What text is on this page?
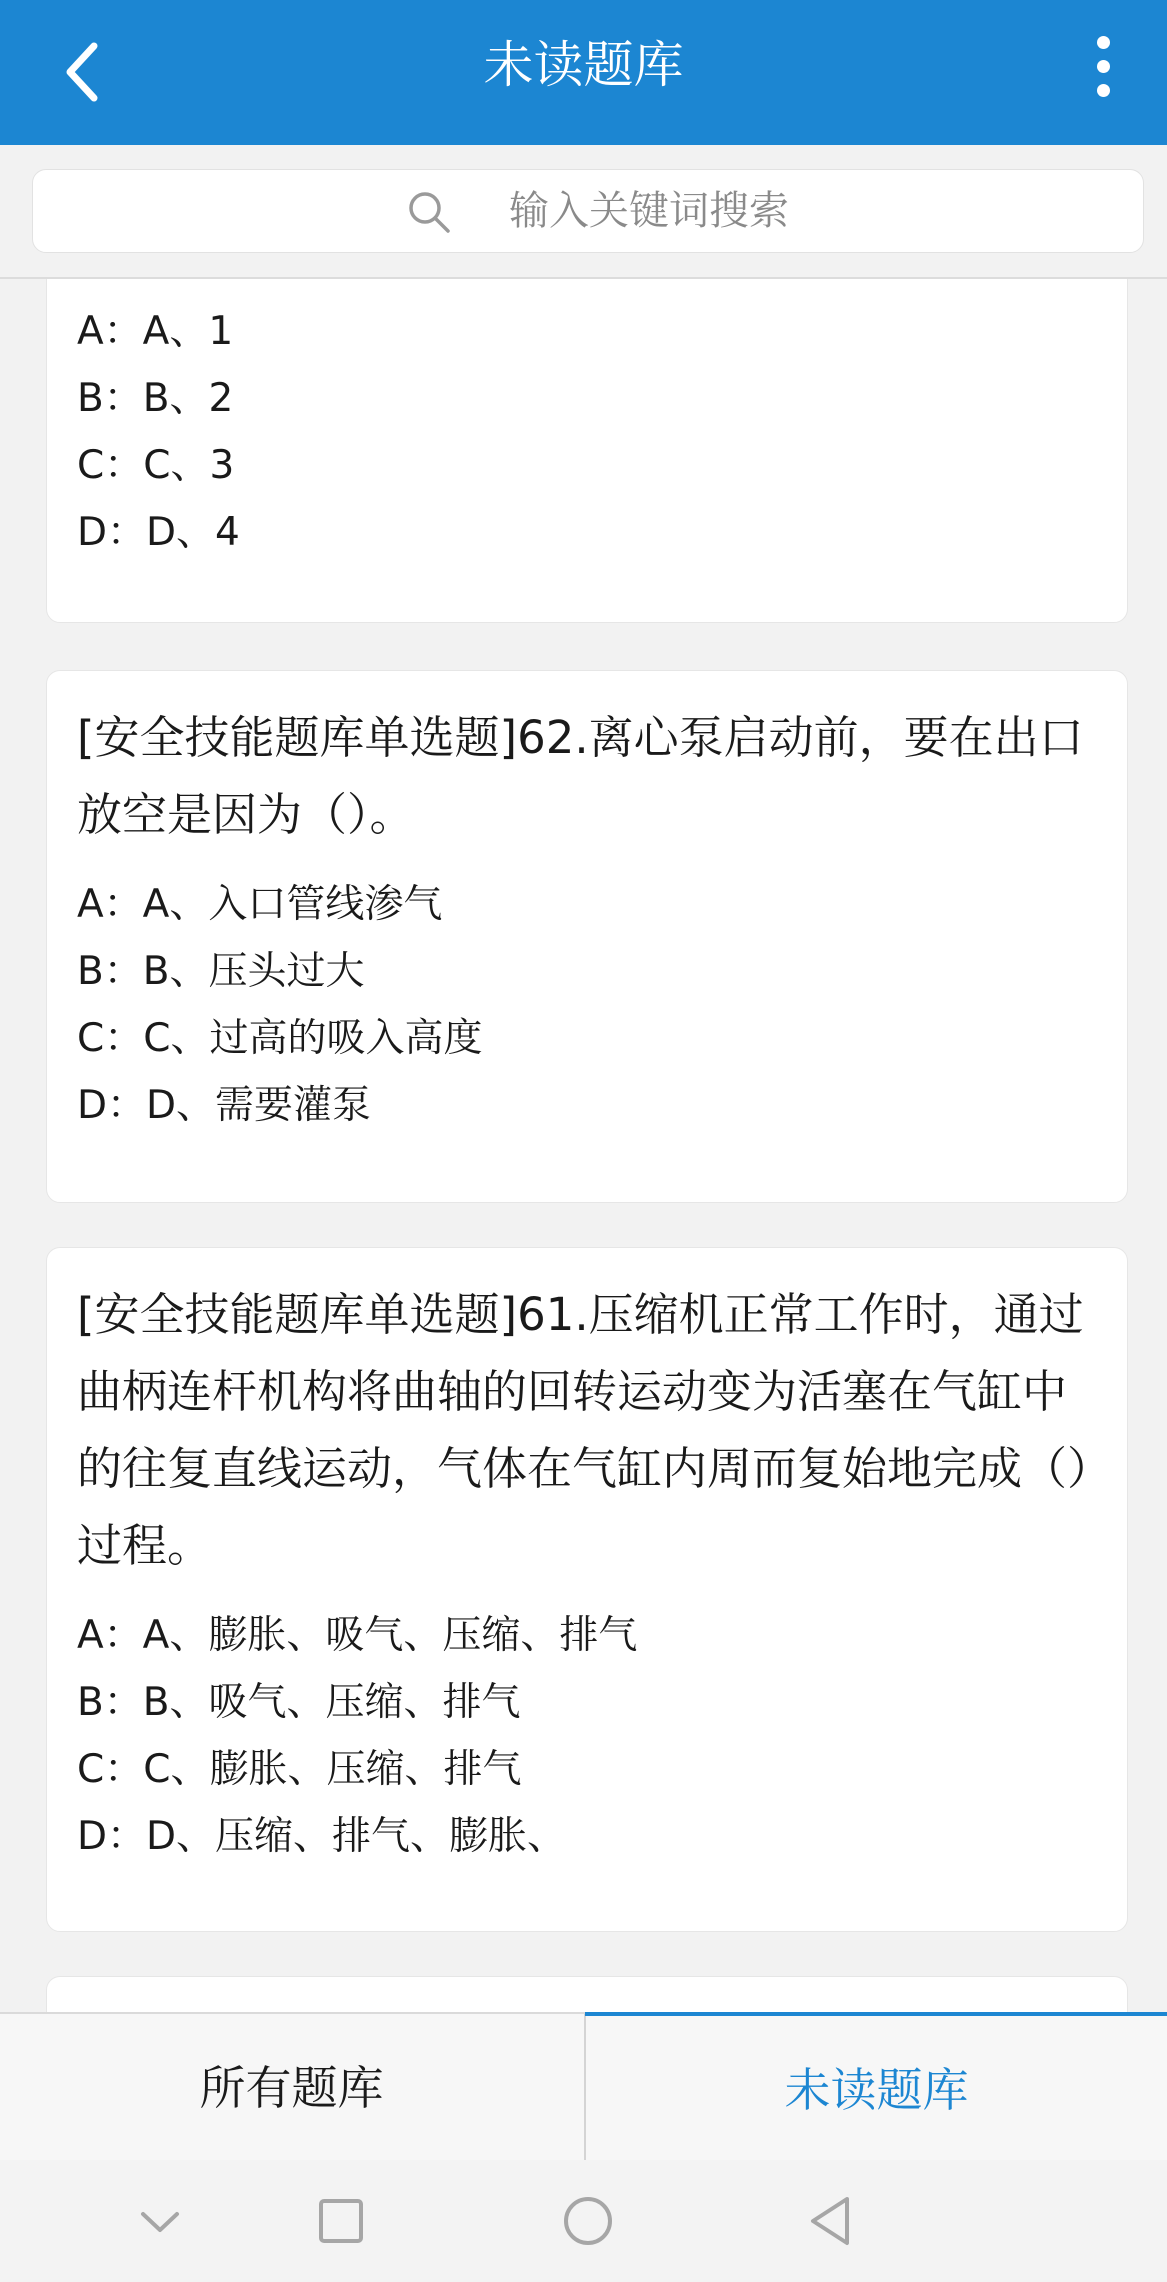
未读题库
输入关键词搜索
A：A、1
B：B、2
C：C、3
D：D、4
[安全技能题库单选题]62.离心泵启动前，要在出口放空是因为（）。
A：A、入口管线渗气
B：B、压头过大
C：C、过高的吸入高度
D：D、需要灌泵
[安全技能题库单选题]61.压缩机正常工作时，通过曲柄连杆机构将曲轴的回转运动变为活塞在气缸中的往复直线运动，气体在气缸内周而复始地完成（）过程。
A：A、膨胀、吸气、压缩、排气
B：B、吸气、压缩、排气
C：C、膨胀、压缩、排气
D：D、压缩、排气、膨胀、
所有题库	未读题库
